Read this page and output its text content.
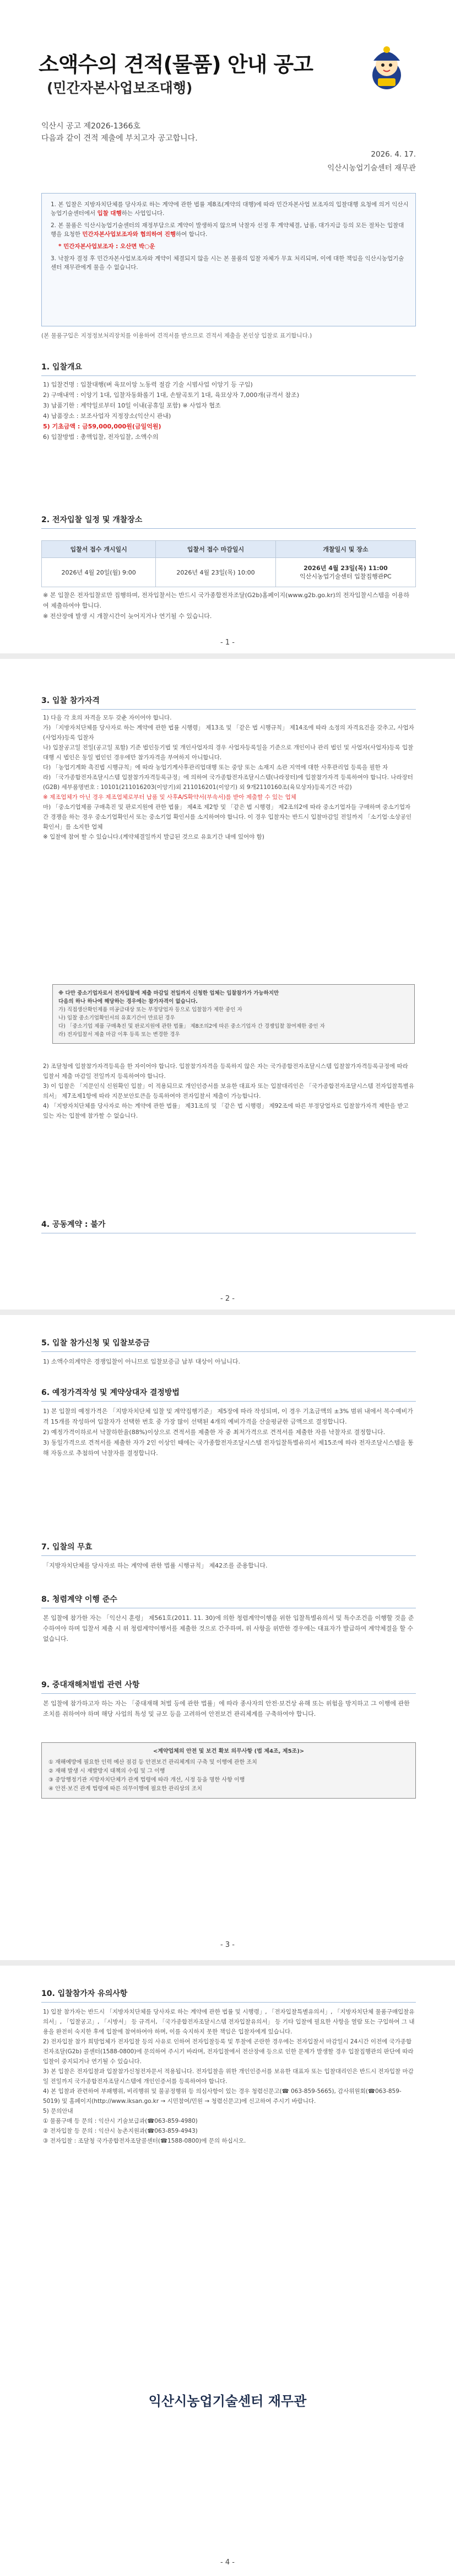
소액수의 견적(물품) 안내 공고
(민간자본사업보조대행)
익산시 공고 제2026-1366호
다음과 같이 견적 제출에 부치고자 공고합니다.
2026. 4. 17.
익산시농업기술센터 재무관

1. 본 입찰은 지방자치단체를 당사자로 하는 계약에 관한 법률 제8조(계약의 대행)에 따라 민간자본사업 보조자의 입찰대행 요청에 의거 익산시농업기술센터에서 입찰 대행하는 사업입니다.

2. 본 물품은 익산시농업기술센터의 재정부담으로 계약이 발생하지 않으며 낙찰자 선정 후 계약체결, 납품, 대가지급 등의 모든 절차는 입찰대행을 요청한 민간자본사업보조자와 협의하여 진행하여 합니다.

* 민간자본사업보조자 : 오산면 박○운

3. 낙찰자 결정 후 민간자본사업보조자와 계약이 체결되지 않을 시는 본 물품의 입찰 자체가 무효 처리되며, 이에 대한 책임을 익산시농업기술센터 재무관에게 물을 수 없습니다.

(본 물품구입은 지정정보처리장치를 이용하여 견적서를 받으므로 견적서 제출을 본인상 입찰로 표기합니다.)
1. 입찰개요
1) 입찰건명 : 입찰대행(벼 육묘이앙 노동력 절감 기술 시범사업 이앙기 등 구입)
2) 구매내역 : 이앙기 1대, 입찰자동화롤기 1대, 손탈곡토기 1대, 육묘상자 7,000개(규격서 참조)
3) 납품기한 : 계약일로부터 10일 이내(공휴일 포함) ※ 사업자 협조
4) 납품장소 : 보조사업자 지정장소(익산시 관내)
5) 기초금액 : 금59,000,000원(금일억원)
6) 입찰방법 : 총액입찰, 전자입찰, 소액수의
2. 전자입찰 일정 및 개찰장소
입찰서 접수 개시일시	입찰서 접수 마감일시	개찰일시 및 장소
2026년 4월 20일(월) 9:00	2026년 4월 23일(목) 10:00	2026년 4월 23일(목) 11:00
익산시농업기술센터 입찰집행관PC
※ 본 입찰은 전자입찰로만 집행하며, 전자입찰서는 반드시 국가종합전자조달(G2b)홈페이지(www.g2b.go.kr)의 전자입찰시스템을 이용하여 제출하여야 합니다.
※ 전산장애 발생 시 개찰시간이 늦어지거나 연기될 수 있습니다.
- 1 -
3. 입찰 참가자격
1) 다음 각 호의 자격을 모두 갖춘 자이어야 합니다.
가) 「지방자치단체를 당사자로 하는 계약에 관한 법률 시행령」 제13조 및 「같은 법 시행규칙」 제14조에 따라 소정의 자격요건을 갖추고, 사업자(사업자)등록 입찰자
나) 입찰공고일 전일(공고일 포함) 기준 법인등기법 및 개인사업자의 경우 사업자등록일을 기준으로 개인이나 관리 법인 및 사업자(사업자)등록 입찰대행 시 법인은 동일 법인인 경우에만 참가자격을 부여하지 아니합니다.
다) 「농업기계화 촉진법 시행규칙」에 따라 농업기계사후관리업대행 또는 중앙 또는 소재지 소관 지역에 대한 사후관리업 등록을 필한 자
라) 「국가종합전자조달시스템 입찰참가자격등록규정」에 의하여 국가종합전자조달시스템(나라장터)에 입찰참가자격 등록하여야 합니다. 나라장터(G2B) 세부품명번호 : 10101(211016203(이앙기)외 211016201(이앙기) 외 9개2110160조(육묘상자)등록기간 마감)
※ 제조업체가 아닌 경우 제조업체로부터 납품 및 사후A/S확약서(부속서)를 받아 제출할 수 있는 업체
마) 「중소기업제품 구매촉진 및 판로지원에 관한 법률」 제4조 제2항 및 「같은 법 시행령」 제2조의2에 따라 중소기업자들 구매하며 중소기업자간 경쟁을 하는 경우 중소기업확인서 또는 중소기업 확인서를 소지하여야 합니다. 이 경우 입찰자는 반드시 입찰마감일 전일까지 「소기업·소상공인 확인서」를 소지한 업체
※ 입찰에 참여 할 수 있습니다.(계약체결일까지 발급된 것으로 유효기간 내에 있어야 함)
※ 다만 중소기업자로서 전자입찰에 제출 마감일 전일까지 신청한 업체는 입찰참가가 가능하지만
다음의 하나 하나에 해당하는 경우에는 참가자격이 없습니다.
가) 직접생산확인제품 미공급대상 또는 부정당업자 등으로 입찰참가 제한 중인 자
나) 입찰 중소기업확인서의 유효기간이 만료된 경우
다) 「중소기업 제품 구매촉진 및 판로지원에 관한 법률」 제8조의2에 따른 중소기업자 간 경쟁입찰 참여제한 중인 자
라) 전자입찰서 제출 마감 이후 등록 또는 변경한 경우
2) 조달청에 입찰참가자격등록을 한 자이어야 합니다. 입찰참가자격을 등록하지 않은 자는 국가종합전자조달시스템 입찰참가자격등록규정에 따라 입찰서 제출 마감일 전일까지 등록하여야 합니다.
3) 이 입찰은 「지문인식 신원확인 입찰」이 적용되므로 개인인증서를 보유한 대표자 또는 입찰대리인은 「국가종합전자조달시스템 전자입찰특별유의서」 제7조제1항에 따라 지문보안토큰을 등록하여야 전자입찰서 제출이 가능합니다.
4) 「지방자치단체를 당사자로 하는 계약에 관한 법률」 제31조의 및 「같은 법 시행령」 제92조에 따른 부정당업자로 입찰참가자격 제한을 받고 있는 자는 입찰에 참가할 수 없습니다.
4. 공동계약 : 불가
- 2 -
5. 입찰 참가신청 및 입찰보증금
1) 소액수의계약은 경쟁입찰이 아니므로 입찰보증금 납부 대상이 아닙니다.
6. 예정가격작성 및 계약상대자 결정방법
1) 본 입찰의 예정가격은 「지방자치단체 입찰 및 계약집행기준」 제5장에 따라 작성되며, 이 경우 기초금액의 ±3% 범위 내에서 복수예비가격 15개를 작성하여 입찰자가 선택한 번호 중 가장 많이 선택된 4개의 예비가격을 산술평균한 금액으로 결정합니다.
2) 예정가격이하로서 낙찰하한율(88%)이상으로 견적서를 제출한 자 중 최저가격으로 견적서를 제출한 자를 낙찰자로 결정합니다.
3) 동일가격으로 견적서를 제출한 자가 2인 이상인 때에는 국가종합전자조달시스템 전자입찰특별유의서 제15조에 따라 전자조달시스템을 통해 자동으로 추첨하여 낙찰자를 결정합니다.
7. 입찰의 무효
「지방자치단체를 당사자로 하는 계약에 관한 법률 시행규칙」 제42조를 준용합니다.
8. 청렴계약 이행 준수
본 입찰에 참가한 자는 「익산시 훈령」 제561호(2011. 11. 30)에 의한 청렴계약이행을 위한 입찰특별유의서 및 특수조건을 이행할 것을 준수하여야 하며 입찰서 제출 시 위 청렴계약이행서를 제출한 것으로 간주하며, 위 사항을 위반한 경우에는 대표자가 발급하여 계약체결을 할 수 없습니다.
9. 중대재해처벌법 관련 사항
본 입찰에 참가하고자 하는 자는 「중대재해 처벌 등에 관한 법률」에 따라 종사자의 안전·보건상 유해 또는 위험을 방지하고 그 이행에 관한 조치를 취하여야 하며 해당 사업의 특성 및 규모 등을 고려하여 안전보건 관리체계를 구축하여야 합니다.
<계약업체의 안전 및 보건 확보 의무사항 (법 제4조, 제5조)>
① 재해예방에 필요한 인력 예산 점검 등 안전보건 관리체계의 구축 및 이행에 관한 조치
② 재해 발생 시 재발방지 대책의 수립 및 그 이행
③ 중앙행정기관 지방자치단체가 관계 법령에 따라 개선, 시정 등을 명한 사항 이행
④ 안전·보건 관계 법령에 따른 의무이행에 필요한 관리상의 조치
- 3 -
10. 입찰참가자 유의사항
1) 입찰 참가자는 반드시 「지방자치단체를 당사자로 하는 계약에 관한 법률 및 시행령」, 「전자입찰특별유의서」, 「지방자치단체 물품구매입찰유의서」, 「입찰공고」, 「시방서」 등 규격서, 「국가종합전자조달시스템 전자입찰유의서」 등 기타 입찰에 필요한 사항을 열람 또는 구입하여 그 내용을 완전히 숙지한 후에 입찰에 참여하여야 하며, 이를 숙지하지 못한 책임은 입찰자에게 있습니다.
2) 전자입찰 참가 희망업체가 전자입찰 등의 사유로 인하여 전자입찰등록 및 투찰에 곤란한 경우에는 전자입찰서 마감일시 24시간 이전에 국가종합전자조달(G2b) 콜센터(1588-0800)에 문의하여 주시기 바라며, 전자입찰에서 전산장애 등으로 인한 문제가 발생할 경우 입찰집행관의 판단에 따라 입찰이 중지되거나 연기될 수 있습니다.
3) 본 입찰은 전자입찰과 입찰참가신청전자문서 적용됩니다. 전자입찰을 위한 개인인증서를 보유한 대표자 또는 입찰대리인은 반드시 전자입찰 마감일 전일까지 국가종합전자조달시스템에 개인인증서를 등록하여야 합니다.
4) 본 입찰과 관련하여 부패행위, 비리행위 및 불공정행위 등 의심사항이 있는 경우 청렴신문고(☎ 063-859-5665), 감사위원회(☎063-859-5019) 및 홈페이지(http://www.iksan.go.kr → 시민참여/민원 → 청렴신문고)에 신고하여 주시기 바랍니다.
5) 문의안내
① 물품구매 등 문의 : 익산시 기술보급과(☎063-859-4980)
② 전자입찰 등 문의 : 익산시 농촌지원과(☎063-859-4943)
③ 전자입찰 : 조달청 국가종합전자조달콜센터(☎1588-0800)에 문의 하십시오.
익산시농업기술센터 재무관
- 4 -
